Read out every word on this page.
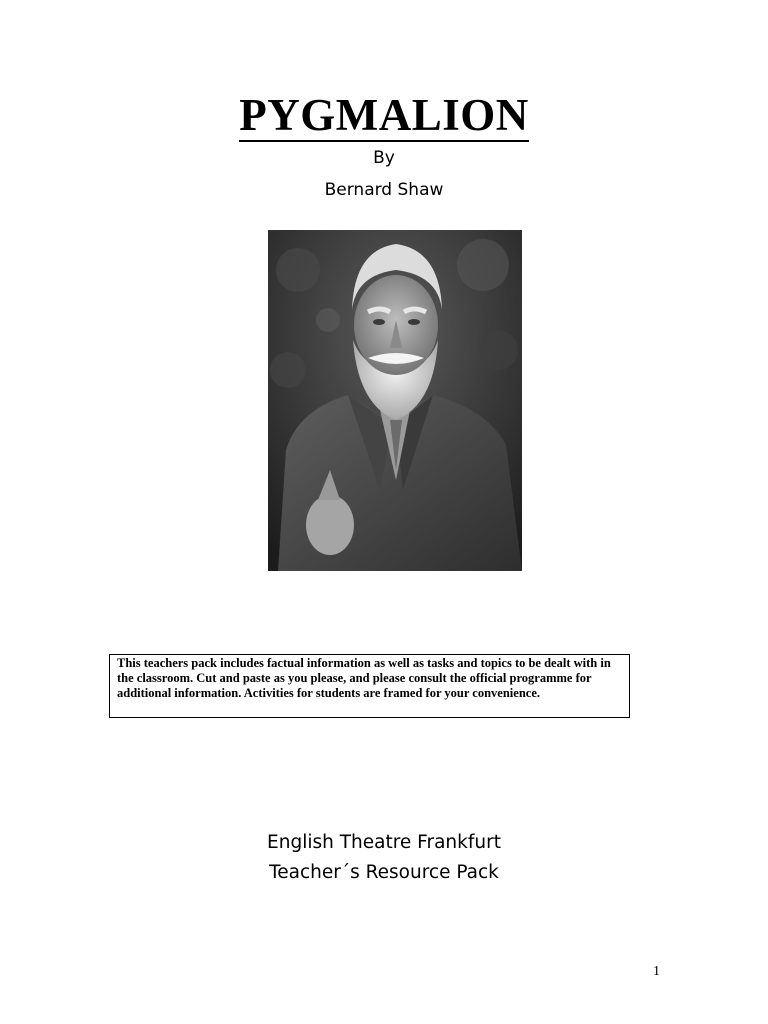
PYGMALION
By
Bernard Shaw
This teachers pack includes factual information as well as tasks and topics to be dealt with in the classroom. Cut and paste as you please, and please consult the official programme for additional information. Activities for students are framed for your convenience.
English Theatre Frankfurt
Teacher´s Resource Pack
1
